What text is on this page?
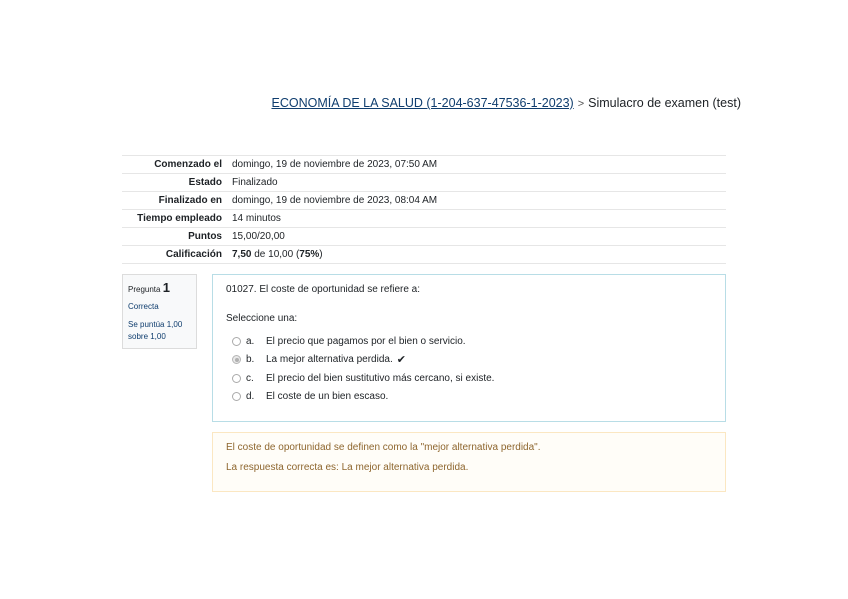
ECONOMÍA DE LA SALUD (1-204-637-47536-1-2023) > Simulacro de examen (test)
Comenzado el	domingo, 19 de noviembre de 2023, 07:50 AM
Estado	Finalizado
Finalizado en	domingo, 19 de noviembre de 2023, 08:04 AM
Tiempo empleado	14 minutos
Puntos	15,00/20,00
Calificación	7,50 de 10,00 (75%)
Pregunta 1
Correcta
Se puntúa 1,00 sobre 1,00
01027. El coste de oportunidad se refiere a:
Seleccione una:
a.	El precio que pagamos por el bien o servicio.
b.	La mejor alternativa perdida. ✔
c.	El precio del bien sustitutivo más cercano, si existe.
d.	El coste de un bien escaso.
El coste de oportunidad se definen como la "mejor alternativa perdida".
La respuesta correcta es: La mejor alternativa perdida.
